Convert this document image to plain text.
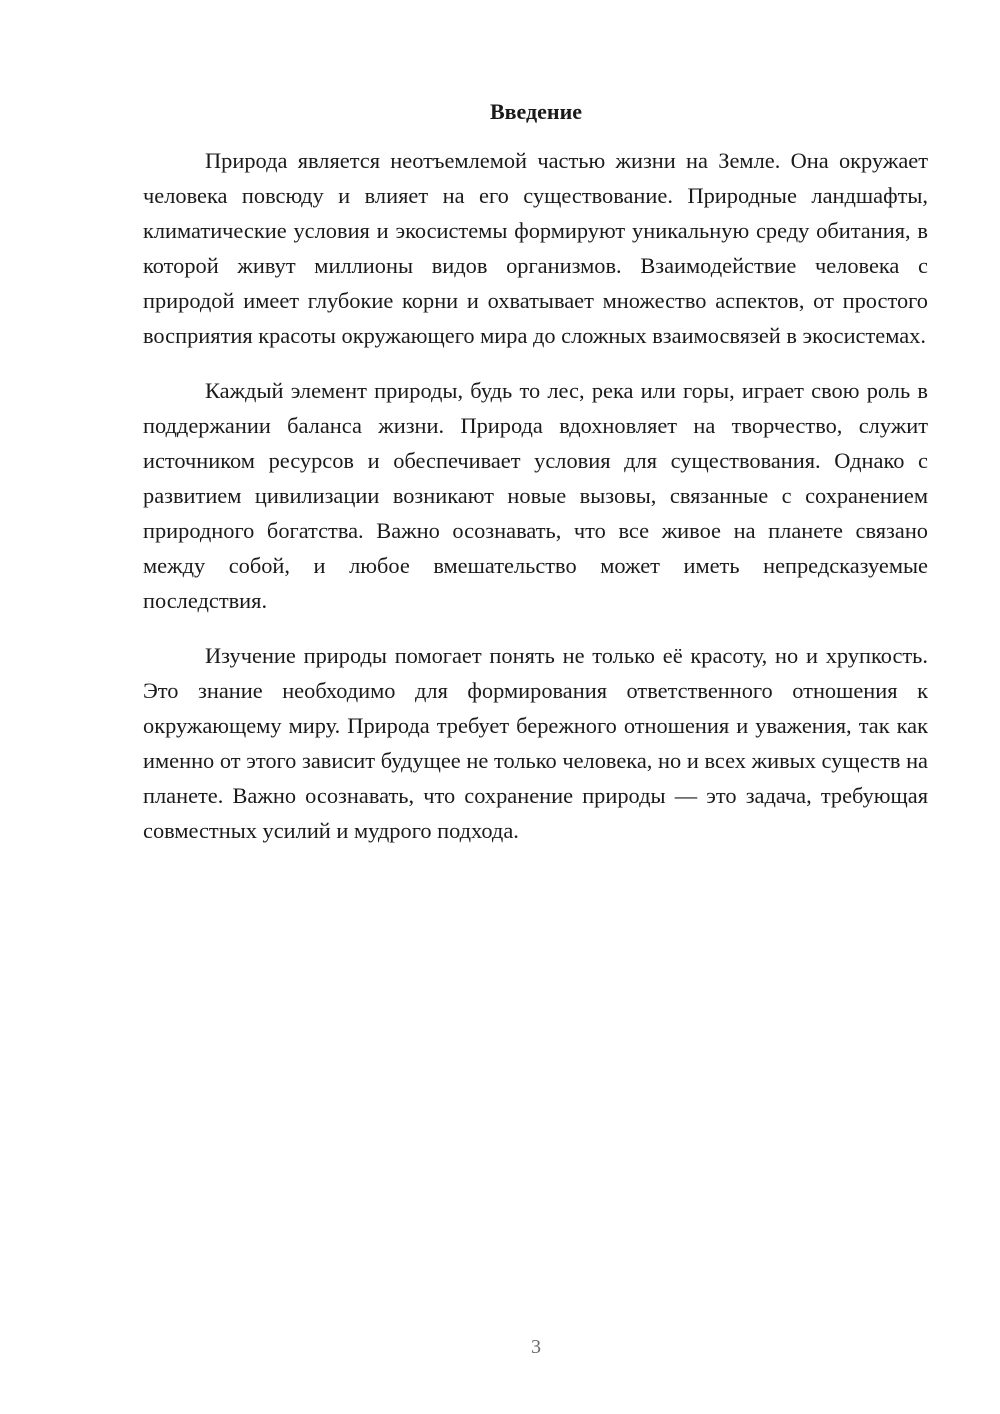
Введение

Природа является неотъемлемой частью жизни на Земле. Она окружает человека повсюду и влияет на его существование. Природные ландшафты, климатические условия и экосистемы формируют уникальную среду обитания, в которой живут миллионы видов организмов. Взаимодействие человека с природой имеет глубокие корни и охватывает множество аспектов, от простого восприятия красоты окружающего мира до сложных взаимосвязей в экосистемах.

Каждый элемент природы, будь то лес, река или горы, играет свою роль в поддержании баланса жизни. Природа вдохновляет на творчество, служит источником ресурсов и обеспечивает условия для существования. Однако с развитием цивилизации возникают новые вызовы, связанные с сохранением природного богатства. Важно осознавать, что все живое на планете связано между собой, и любое вмешательство может иметь непредсказуемые последствия.

Изучение природы помогает понять не только её красоту, но и хрупкость. Это знание необходимо для формирования ответственного отношения к окружающему миру. Природа требует бережного отношения и уважения, так как именно от этого зависит будущее не только человека, но и всех живых существ на планете. Важно осознавать, что сохранение природы — это задача, требующая совместных усилий и мудрого подхода.

3
